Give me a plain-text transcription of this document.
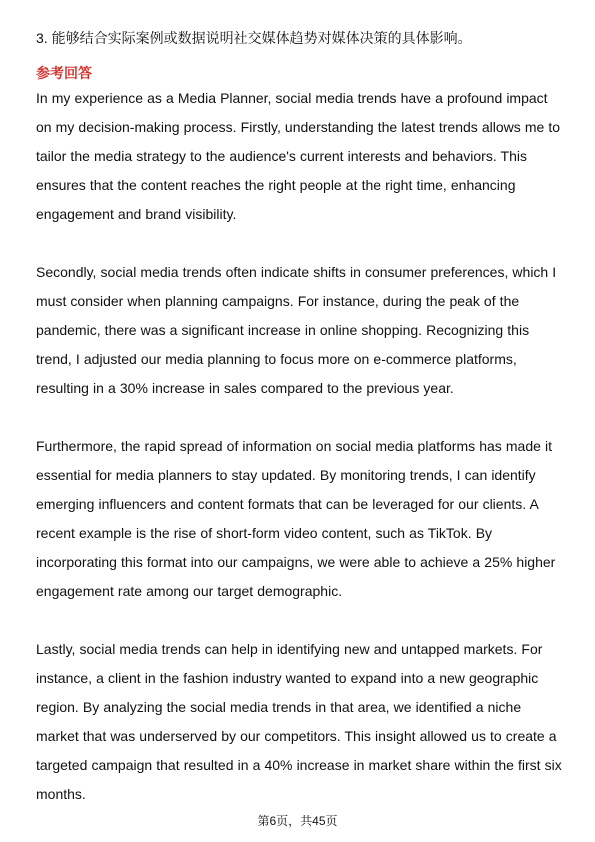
3. 能够结合实际案例或数据说明社交媒体趋势对媒体决策的具体影响。
参考回答

In my experience as a Media Planner, social media trends have a profound impact on my decision-making process. Firstly, understanding the latest trends allows me to tailor the media strategy to the audience's current interests and behaviors. This ensures that the content reaches the right people at the right time, enhancing engagement and brand visibility.

Secondly, social media trends often indicate shifts in consumer preferences, which I must consider when planning campaigns. For instance, during the peak of the pandemic, there was a significant increase in online shopping. Recognizing this trend, I adjusted our media planning to focus more on e-commerce platforms, resulting in a 30% increase in sales compared to the previous year.

Furthermore, the rapid spread of information on social media platforms has made it essential for media planners to stay updated. By monitoring trends, I can identify emerging influencers and content formats that can be leveraged for our clients. A recent example is the rise of short-form video content, such as TikTok. By incorporating this format into our campaigns, we were able to achieve a 25% higher engagement rate among our target demographic.

Lastly, social media trends can help in identifying new and untapped markets. For instance, a client in the fashion industry wanted to expand into a new geographic region. By analyzing the social media trends in that area, we identified a niche market that was underserved by our competitors. This insight allowed us to create a targeted campaign that resulted in a 40% increase in market share within the first six months.

第6页，共45页
